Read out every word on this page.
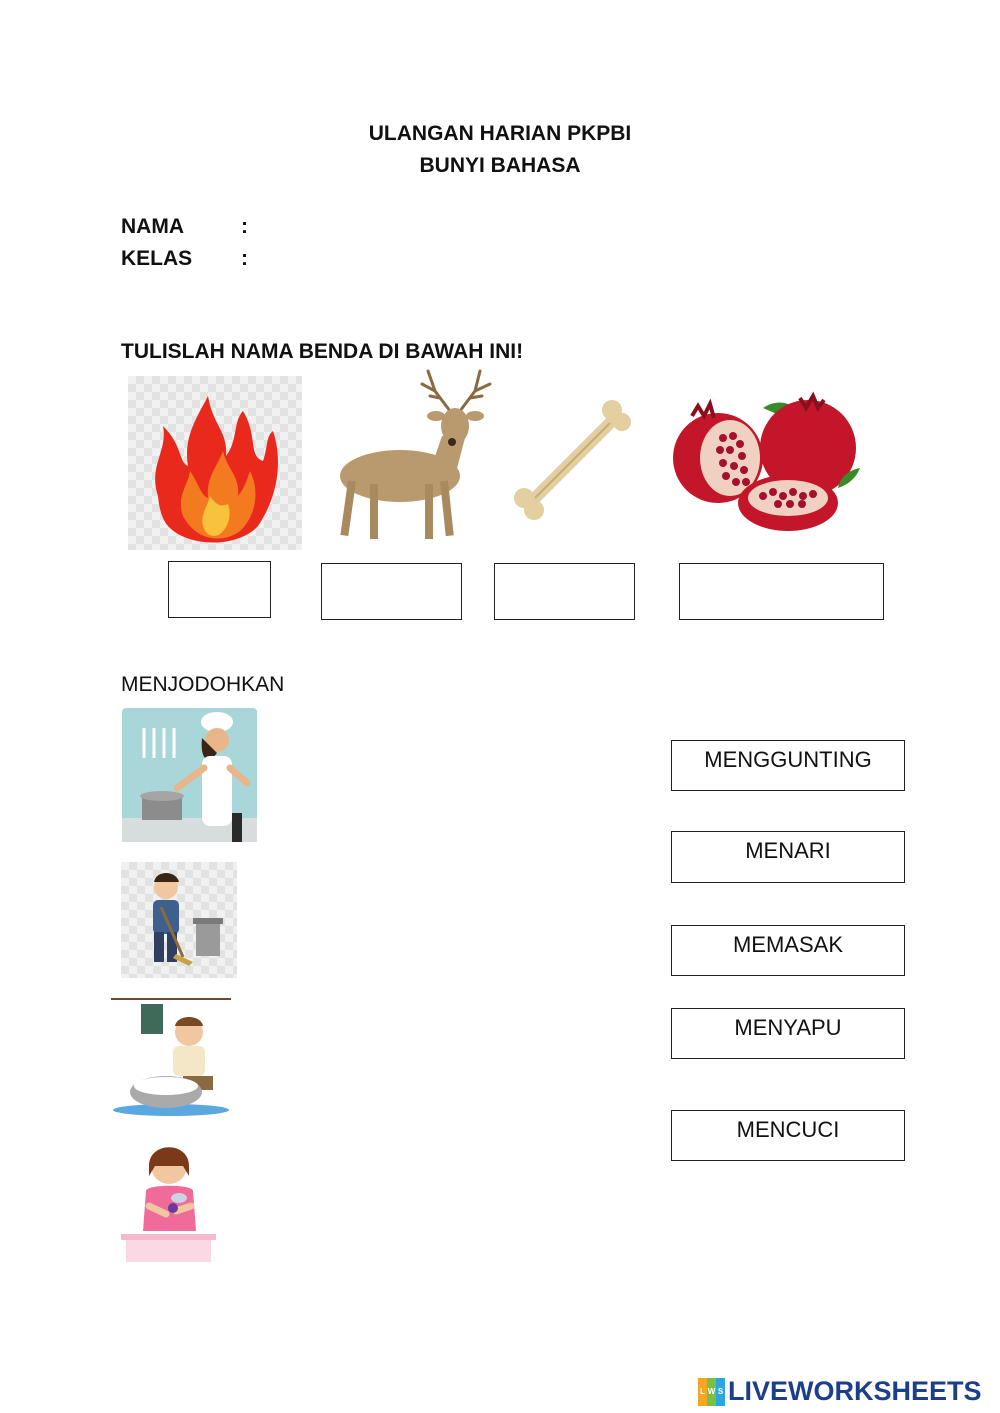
ULANGAN HARIAN PKPBI
BUNYI BAHASA
NAMA	:
KELAS :
TULISLAH NAMA BENDA DI BAWAH INI!
MENJODOHKAN
MENGGUNTING
MENARI
MEMASAK
MENYAPU
MENCUCI
L W S LIVEWORKSHEETS
